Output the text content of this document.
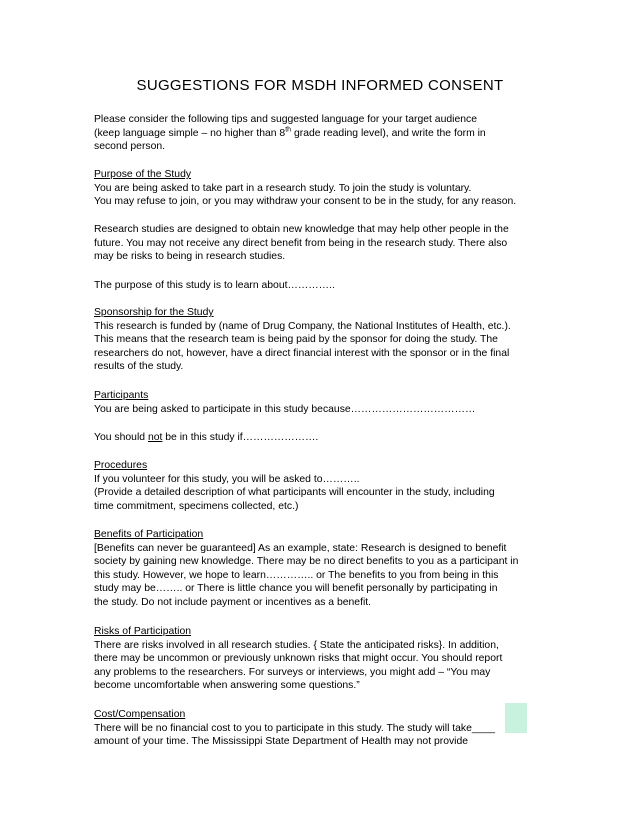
SUGGESTIONS FOR MSDH INFORMED CONSENT
Please consider the following tips and suggested language for your target audience
(keep language simple – no higher than 8th grade reading level), and write the form in
second person.
Purpose of the Study
You are being asked to take part in a research study. To join the study is voluntary.
You may refuse to join, or you may withdraw your consent to be in the study, for any reason.
Research studies are designed to obtain new knowledge that may help other people in the
future. You may not receive any direct benefit from being in the research study. There also
may be risks to being in research studies.
The purpose of this study is to learn about…………..
Sponsorship for the Study
This research is funded by (name of Drug Company, the National Institutes of Health, etc.).
This means that the research team is being paid by the sponsor for doing the study. The
researchers do not, however, have a direct financial interest with the sponsor or in the final
results of the study.
Participants
You are being asked to participate in this study because………………………………
You should not be in this study if………………….
Procedures
If you volunteer for this study, you will be asked to………..
(Provide a detailed description of what participants will encounter in the study, including
time commitment, specimens collected, etc.)
Benefits of Participation
[Benefits can never be guaranteed] As an example, state: Research is designed to benefit
society by gaining new knowledge. There may be no direct benefits to you as a participant in
this study. However, we hope to learn………….. or The benefits to you from being in this
study may be…….. or There is little chance you will benefit personally by participating in
the study. Do not include payment or incentives as a benefit.
Risks of Participation
There are risks involved in all research studies. { State the anticipated risks}. In addition,
there may be uncommon or previously unknown risks that might occur. You should report
any problems to the researchers. For surveys or interviews, you might add – “You may
become uncomfortable when answering some questions.”
Cost/Compensation
There will be no financial cost to you to participate in this study. The study will take____
amount of your time. The Mississippi State Department of Health may not provide
